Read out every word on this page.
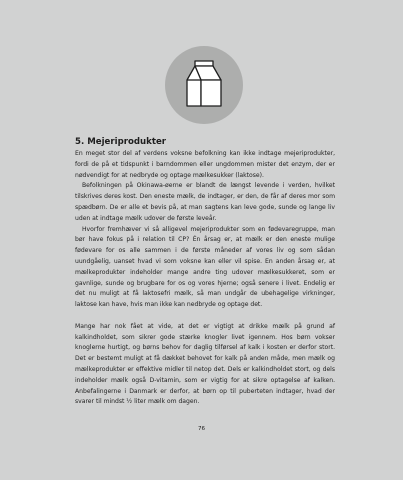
5. Mejeriprodukter

En meget stor del af verdens voksne befolkning kan ikke indtage mejeriprodukter, fordi de på et tidspunkt i barndommen eller ungdommen mister det enzym, der er nødvendigt for at nedbryde og optage mælkesukker (laktose).

Befolkningen på Okinawa-øerne er blandt de længst levende i verden, hvilket tilskrives deres kost. Den eneste mælk, de indtager, er den, de får af deres mor som spædbørn. De er alle et bevis på, at man sagtens kan leve gode, sunde og lange liv uden at indtage mælk udover de første leveår.

Hvorfor fremhæver vi så alligevel mejeriprodukter som en fødevaregruppe, man bør have fokus på i relation til CP? Én årsag er, at mælk er den eneste mulige fødevare for os alle sammen i de første måneder af vores liv og som sådan uundgåelig, uanset hvad vi som voksne kan eller vil spise. En anden årsag er, at mælkeprodukter indeholder mange andre ting udover mælkesukkeret, som er gavnlige, sunde og brugbare for os og vores hjerne; også senere i livet. Endelig er det nu muligt at få laktosefri mælk, så man undgår de ubehagelige virkninger, laktose kan have, hvis man ikke kan nedbryde og optage det.

Mange har nok fået at vide, at det er vigtigt at drikke mælk på grund af kalkindholdet, som sikrer gode stærke knogler livet igennem. Hos børn vokser knoglerne hurtigt, og børns behov for daglig tilførsel af kalk i kosten er derfor stort. Det er bestemt muligt at få dækket behovet for kalk på anden måde, men mælk og mælkeprodukter er effektive midler til netop det. Dels er kalkindholdet stort, og dels indeholder mælk også D-vitamin, som er vigtig for at sikre optagelse af kalken. Anbefalingerne i Danmark er derfor, at børn op til puberteten indtager, hvad der svarer til mindst ½ liter mælk om dagen.

76
